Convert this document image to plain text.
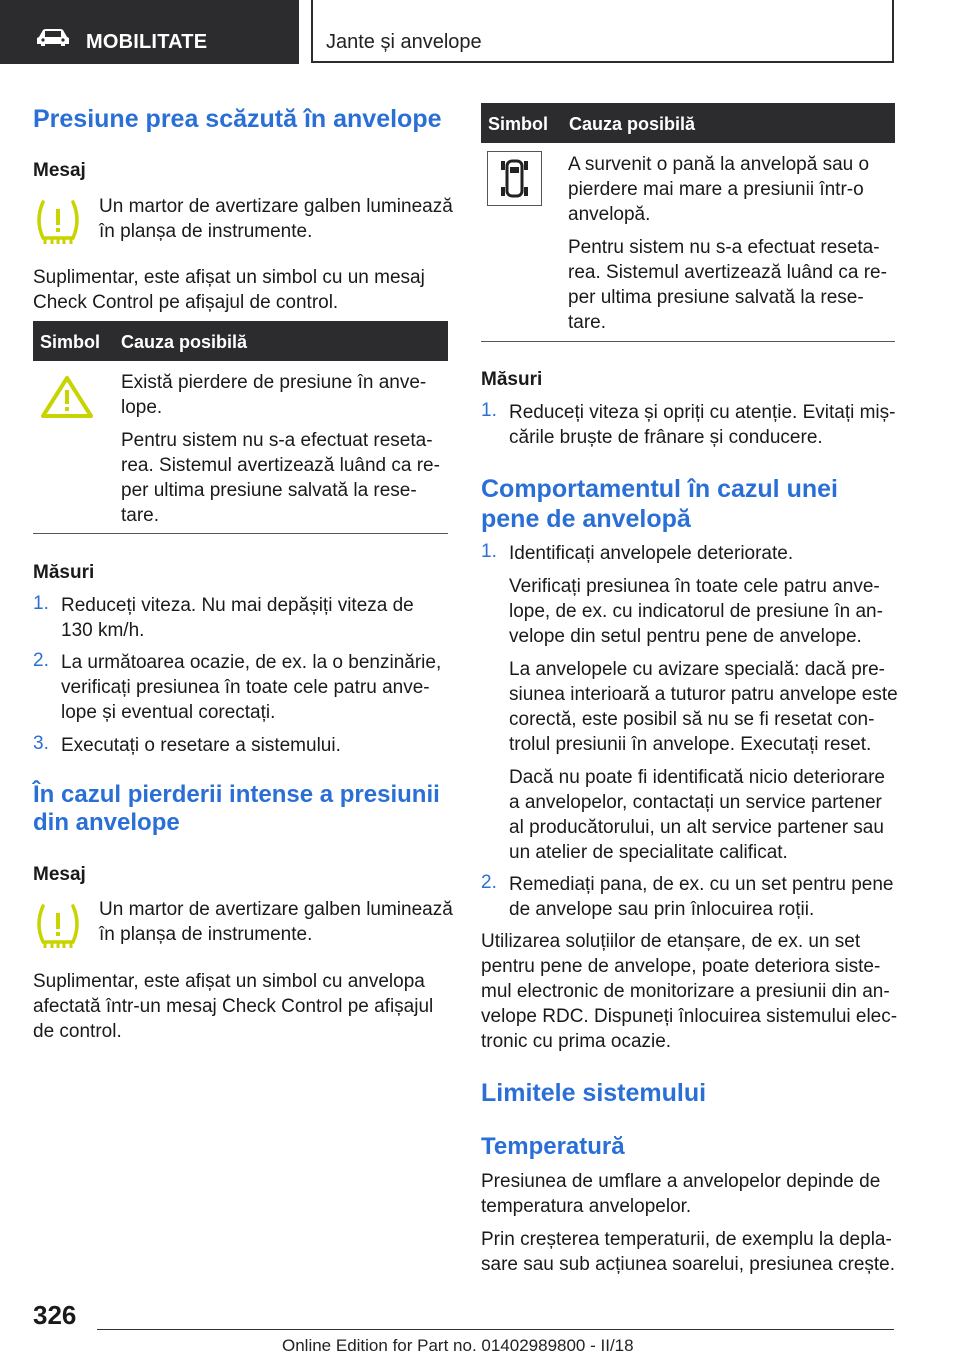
MOBILITATE	Jante și anvelope
Presiune prea scăzută în anvelope
Mesaj
Un martor de avertizare galben luminează
în planșa de instrumente.
Suplimentar, este afișat un simbol cu un mesaj
Check Control pe afișajul de control.
Simbol Cauza posibilă
Există pierdere de presiune în anve-
lope.
Pentru sistem nu s-a efectuat reseta-
rea. Sistemul avertizează luând ca re-
per ultima presiune salvată la rese-
tare.
Măsuri
1. Reduceți viteza. Nu mai depășiți viteza de
130 km/h.
2. La următoarea ocazie, de ex. la o benzinărie,
verificați presiunea în toate cele patru anve-
lope și eventual corectați.
3. Executați o resetare a sistemului.
În cazul pierderii intense a presiunii
din anvelope
Mesaj
Un martor de avertizare galben luminează
în planșa de instrumente.
Suplimentar, este afișat un simbol cu anvelopa
afectată într-un mesaj Check Control pe afișajul
de control.
Simbol Cauza posibilă
A survenit o pană la anvelopă sau o
pierdere mai mare a presiunii într-o
anvelopă.
Pentru sistem nu s-a efectuat reseta-
rea. Sistemul avertizează luând ca re-
per ultima presiune salvată la rese-
tare.
Măsuri
1. Reduceți viteza și opriți cu atenție. Evitați miș-
cările bruște de frânare și conducere.
Comportamentul în cazul unei
pene de anvelopă
1. Identificați anvelopele deteriorate.
Verificați presiunea în toate cele patru anve-
lope, de ex. cu indicatorul de presiune în an-
velope din setul pentru pene de anvelope.
La anvelopele cu avizare specială: dacă pre-
siunea interioară a tuturor patru anvelope este
corectă, este posibil să nu se fi resetat con-
trolul presiunii în anvelope. Executați reset.
Dacă nu poate fi identificată nicio deteriorare
a anvelopelor, contactați un service partener
al producătorului, un alt service partener sau
un atelier de specialitate calificat.
2. Remediați pana, de ex. cu un set pentru pene
de anvelope sau prin înlocuirea roții.
Utilizarea soluțiilor de etanșare, de ex. un set
pentru pene de anvelope, poate deteriora siste-
mul electronic de monitorizare a presiunii din an-
velope RDC. Dispuneți înlocuirea sistemului elec-
tronic cu prima ocazie.
Limitele sistemului
Temperatură
Presiunea de umflare a anvelopelor depinde de
temperatura anvelopelor.
Prin creșterea temperaturii, de exemplu la depla-
sare sau sub acțiunea soarelui, presiunea crește.
326
Online Edition for Part no. 01402989800 - II/18
